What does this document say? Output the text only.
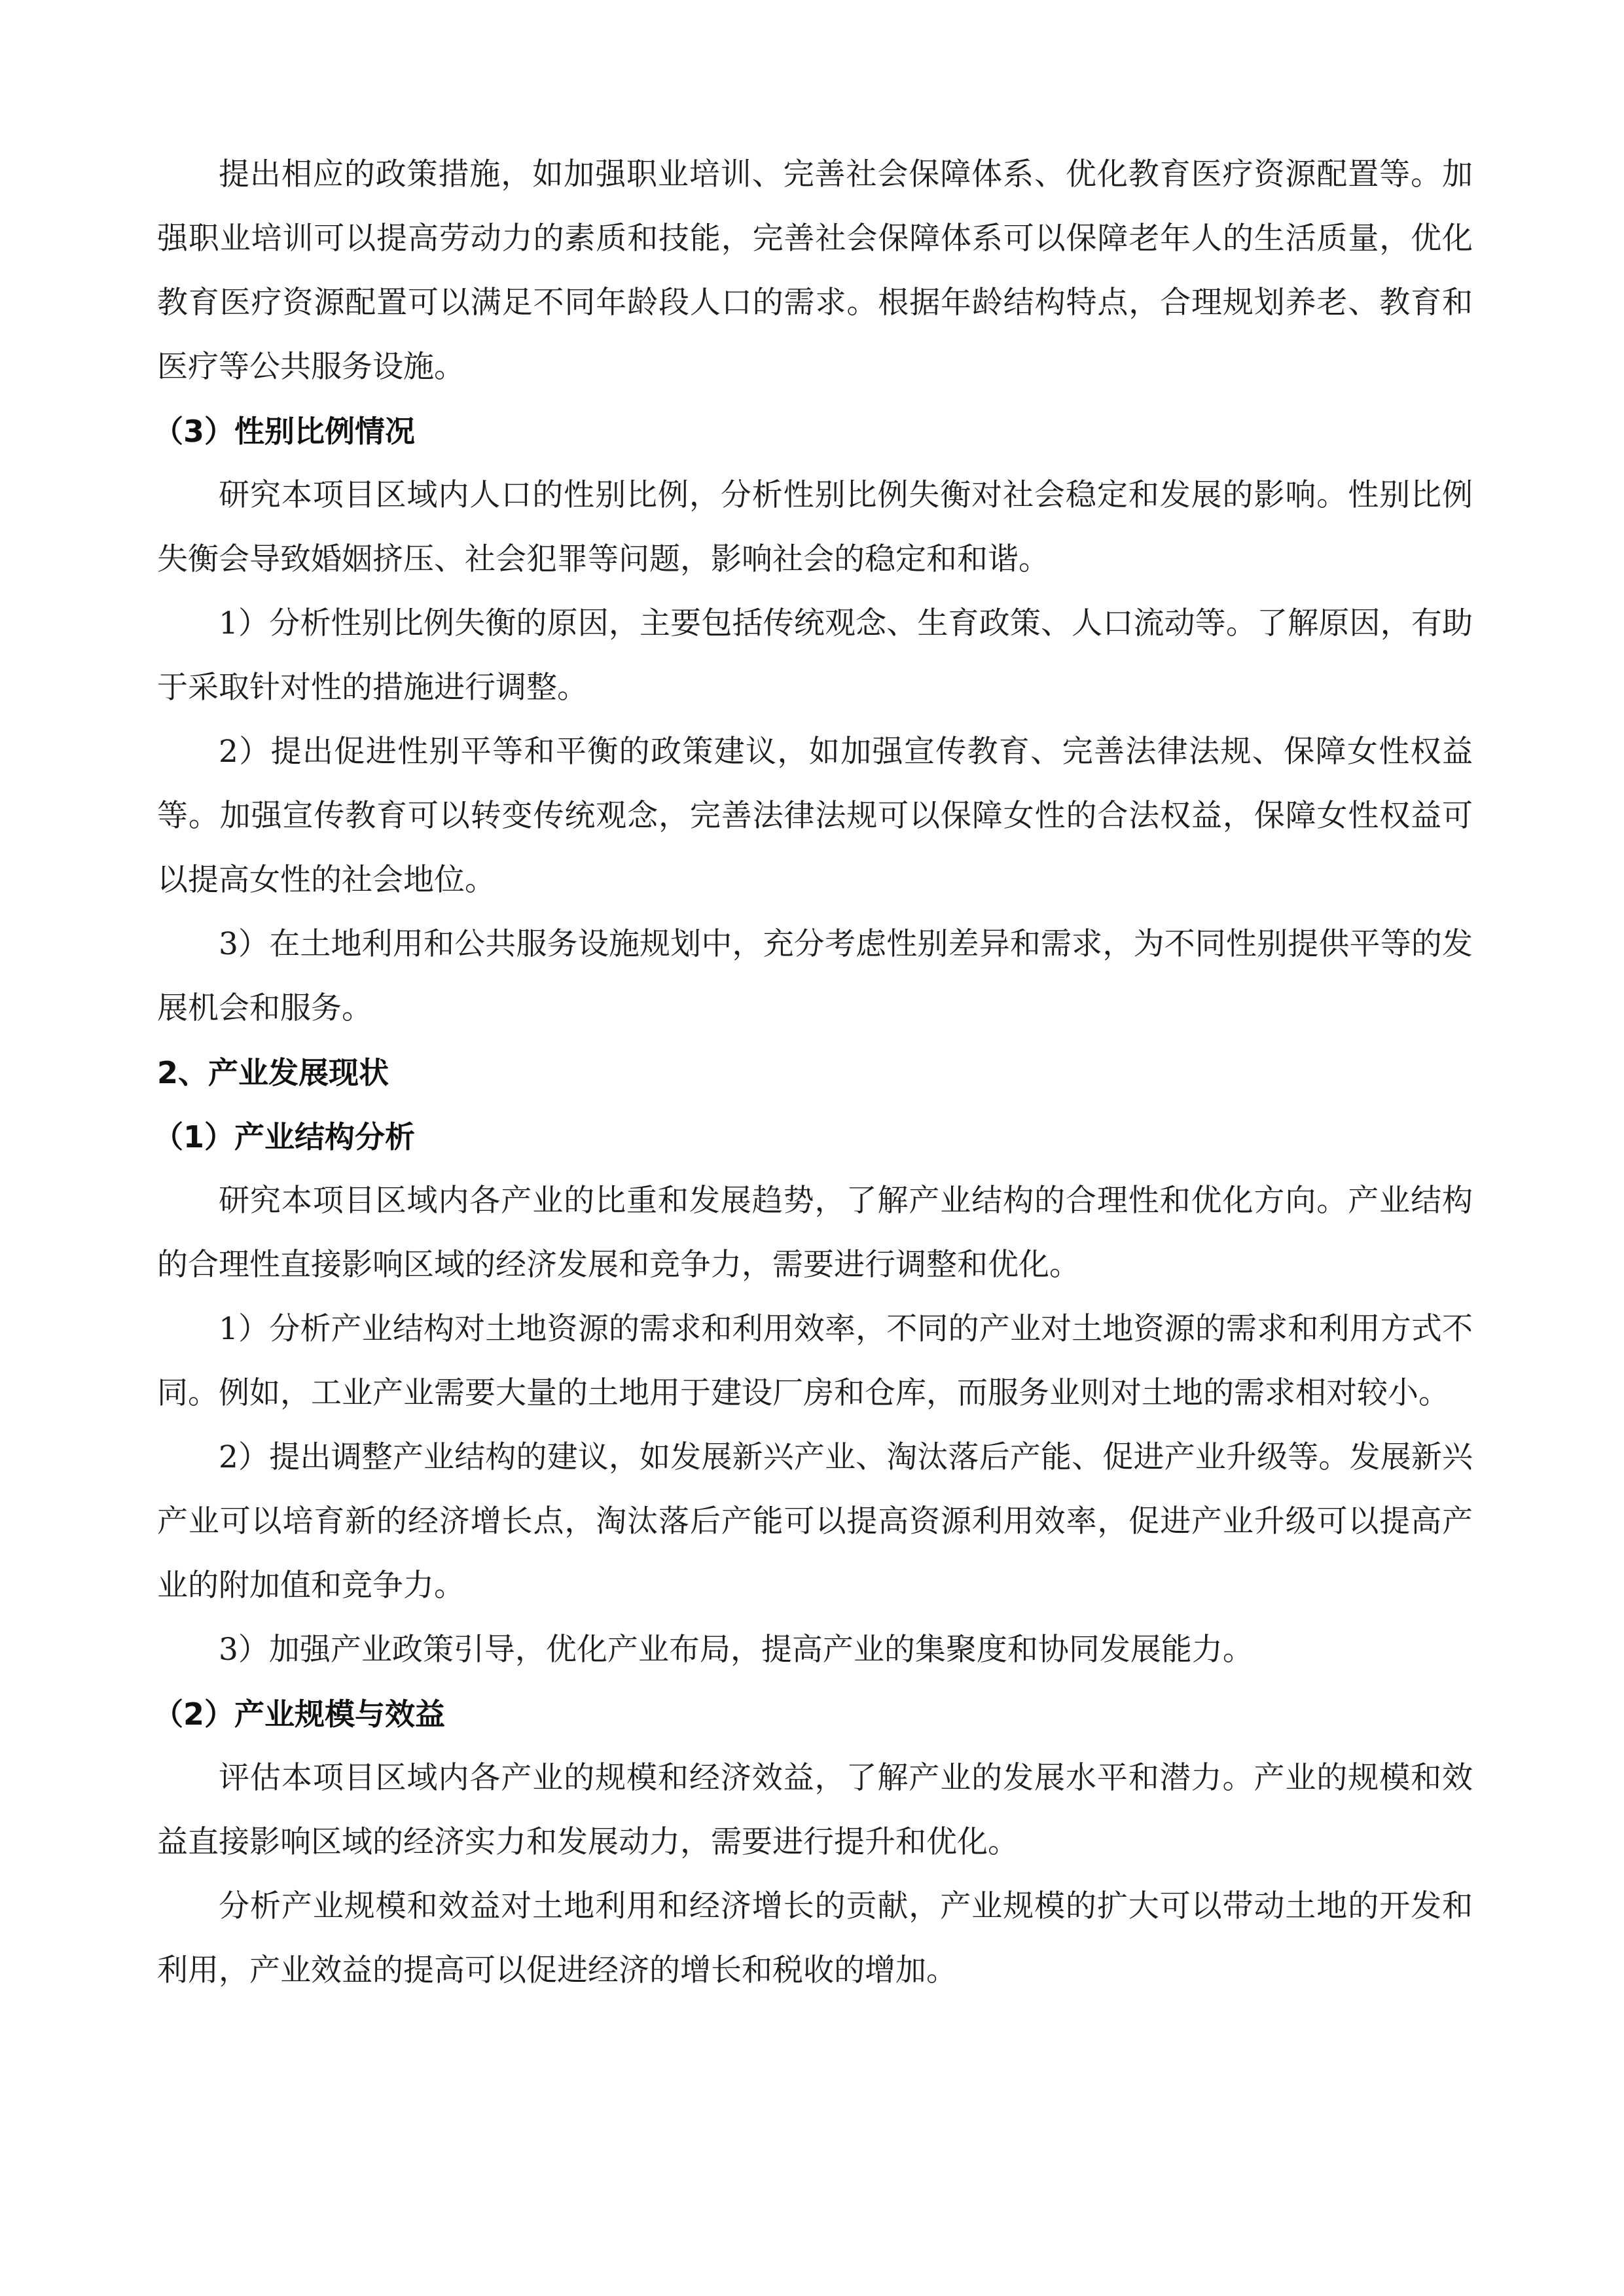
提出相应的政策措施，如加强职业培训、完善社会保障体系、优化教育医疗资源配置等。加强职业培训可以提高劳动力的素质和技能，完善社会保障体系可以保障老年人的生活质量，优化教育医疗资源配置可以满足不同年龄段人口的需求。根据年龄结构特点，合理规划养老、教育和医疗等公共服务设施。

（3）性别比例情况

研究本项目区域内人口的性别比例，分析性别比例失衡对社会稳定和发展的影响。性别比例失衡会导致婚姻挤压、社会犯罪等问题，影响社会的稳定和和谐。

1）分析性别比例失衡的原因，主要包括传统观念、生育政策、人口流动等。了解原因，有助于采取针对性的措施进行调整。

2）提出促进性别平等和平衡的政策建议，如加强宣传教育、完善法律法规、保障女性权益等。加强宣传教育可以转变传统观念，完善法律法规可以保障女性的合法权益，保障女性权益可以提高女性的社会地位。

3）在土地利用和公共服务设施规划中，充分考虑性别差异和需求，为不同性别提供平等的发展机会和服务。

2、产业发展现状

（1）产业结构分析

研究本项目区域内各产业的比重和发展趋势，了解产业结构的合理性和优化方向。产业结构的合理性直接影响区域的经济发展和竞争力，需要进行调整和优化。

1）分析产业结构对土地资源的需求和利用效率，不同的产业对土地资源的需求和利用方式不同。例如，工业产业需要大量的土地用于建设厂房和仓库，而服务业则对土地的需求相对较小。

2）提出调整产业结构的建议，如发展新兴产业、淘汰落后产能、促进产业升级等。发展新兴产业可以培育新的经济增长点，淘汰落后产能可以提高资源利用效率，促进产业升级可以提高产业的附加值和竞争力。

3）加强产业政策引导，优化产业布局，提高产业的集聚度和协同发展能力。

（2）产业规模与效益

评估本项目区域内各产业的规模和经济效益，了解产业的发展水平和潜力。产业的规模和效益直接影响区域的经济实力和发展动力，需要进行提升和优化。

分析产业规模和效益对土地利用和经济增长的贡献，产业规模的扩大可以带动土地的开发和利用，产业效益的提高可以促进经济的增长和税收的增加。
